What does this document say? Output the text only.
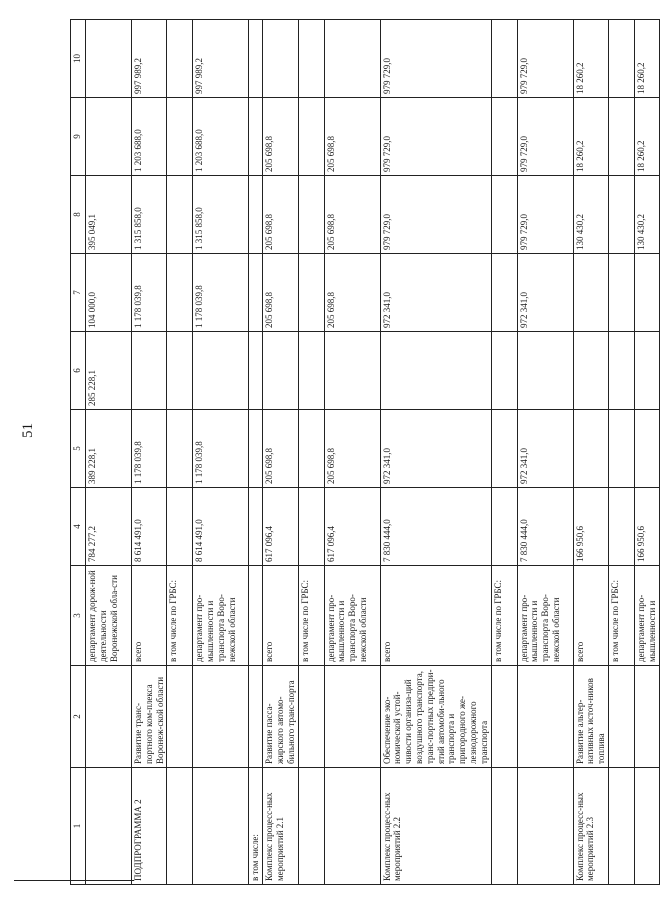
51
1	2	3	4	5	6	7	8	9	10
		департамент дорож-ной деятельности Воронежской обла-сти	784 277,2	389 228,1	285 228,1	104 000,0	395 049,1		
ПОДПРОГРАММА 2	Развитие транс-портного ком-плекса Воронеж-ской области	всего	8 614 491,0	1 178 039,8		1 178 039,8	1 315 858,0	1 203 688,0	997 989,2
		в том числе по ГРБС:							
		департамент про-мышленности и транспорта Воро-нежской области	8 614 491,0	1 178 039,8		1 178 039,8	1 315 858,0	1 203 688,0	997 989,2
в том числе:									
Комплекс процесс-ных мероприятий 2.1	Развитие пасса-жирского автомо-бильного транс-порта	всего	617 096,4	205 698,8		205 698,8	205 698,8	205 698,8	
		в том числе по ГРБС:							
		департамент про-мышленности и транспорта Воро-нежской области	617 096,4	205 698,8		205 698,8	205 698,8	205 698,8	
Комплекс процесс-ных мероприятий 2.2	Обеспечение эко-номической устой-чивости организа-ций воздушного транспорта, транс-портных предпри-ятий автомоби-льного транспорта и пригородного же-лезнодорожного транспорта	всего	7 830 444,0	972 341,0		972 341,0	979 729,0	979 729,0	979 729,0
		в том числе по ГРБС:							
		департамент про-мышленности и транспорта Воро-нежской области	7 830 444,0	972 341,0		972 341,0	979 729,0	979 729,0	979 729,0
Комплекс процесс-ных мероприятий 2.3	Развитие альтер-нативных источ-ников топлива	всего	166 950,6				130 430,2	18 260,2	18 260,2
		в том числе по ГРБС:							
		департамент про-мышленности и	166 950,6				130 430,2	18 260,2	18 260,2
